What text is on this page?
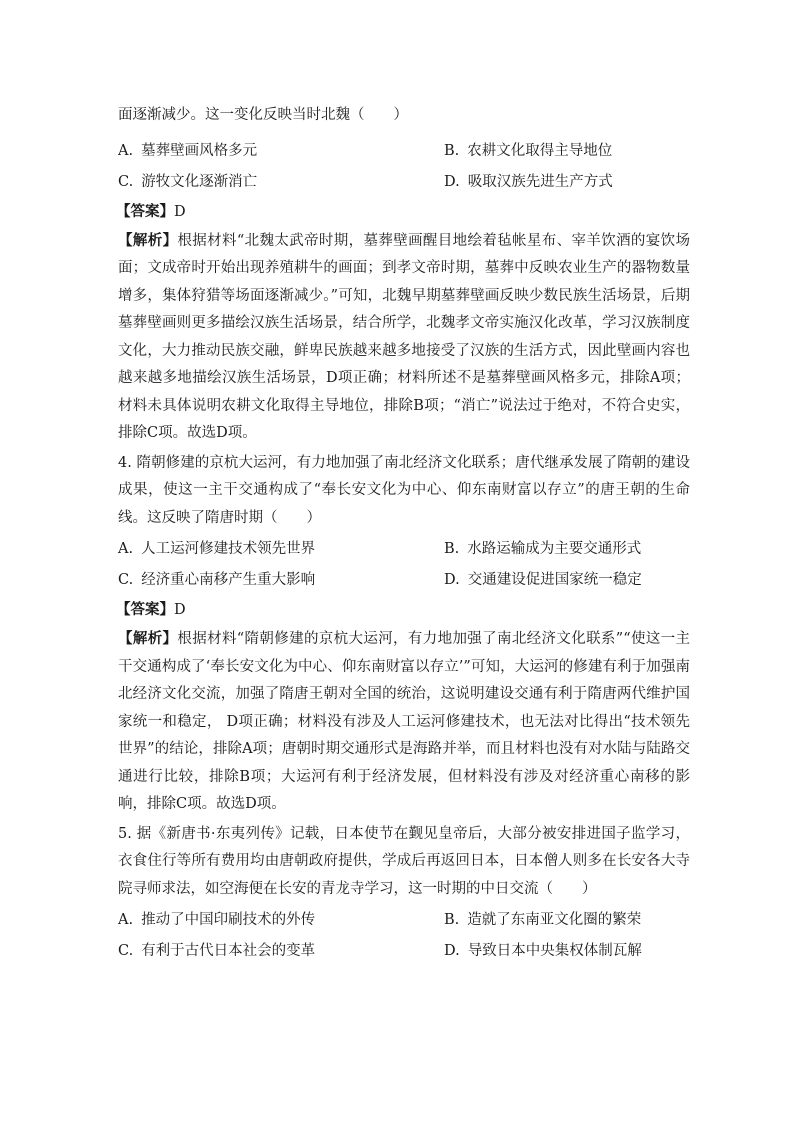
面逐渐减少。这一变化反映当时北魏（　　）
A. 墓葬壁画风格多元	B. 农耕文化取得主导地位
C. 游牧文化逐渐消亡	D. 吸取汉族先进生产方式
【答案】D
【解析】根据材料“北魏太武帝时期，墓葬壁画醒目地绘着毡帐星布、宰羊饮酒的宴饮场面；文成帝时开始出现养殖耕牛的画面；到孝文帝时期，墓葬中反映农业生产的器物数量增多，集体狩猎等场面逐渐减少。”可知，北魏早期墓葬壁画反映少数民族生活场景，后期墓葬壁画则更多描绘汉族生活场景，结合所学，北魏孝文帝实施汉化改革，学习汉族制度文化，大力推动民族交融，鲜卑民族越来越多地接受了汉族的生活方式，因此壁画内容也越来越多地描绘汉族生活场景，D项正确；材料所述不是墓葬壁画风格多元，排除A项；材料未具体说明农耕文化取得主导地位，排除B项；“消亡”说法过于绝对，不符合史实，排除C项。故选D项。
4. 隋朝修建的京杭大运河，有力地加强了南北经济文化联系；唐代继承发展了隋朝的建设成果，使这一主干交通构成了“奉长安文化为中心、仰东南财富以存立”的唐王朝的生命线。这反映了隋唐时期（　　）
A. 人工运河修建技术领先世界	B. 水路运输成为主要交通形式
C. 经济重心南移产生重大影响	D. 交通建设促进国家统一稳定
【答案】D
【解析】根据材料“隋朝修建的京杭大运河，有力地加强了南北经济文化联系”“使这一主干交通构成了‘奉长安文化为中心、仰东南财富以存立’”可知，大运河的修建有利于加强南北经济文化交流，加强了隋唐王朝对全国的统治，这说明建设交通有利于隋唐两代维护国家统一和稳定， D项正确；材料没有涉及人工运河修建技术，也无法对比得出“技术领先世界”的结论，排除A项；唐朝时期交通形式是海路并举，而且材料也没有对水陆与陆路交通进行比较，排除B项；大运河有利于经济发展，但材料没有涉及对经济重心南移的影响，排除C项。故选D项。
5. 据《新唐书·东夷列传》记载，日本使节在觐见皇帝后，大部分被安排进国子监学习，衣食住行等所有费用均由唐朝政府提供，学成后再返回日本，日本僧人则多在长安各大寺院寻师求法，如空海便在长安的青龙寺学习，这一时期的中日交流（　　）
A. 推动了中国印刷技术的外传	B. 造就了东南亚文化圈的繁荣
C. 有利于古代日本社会的变革	D. 导致日本中央集权体制瓦解
